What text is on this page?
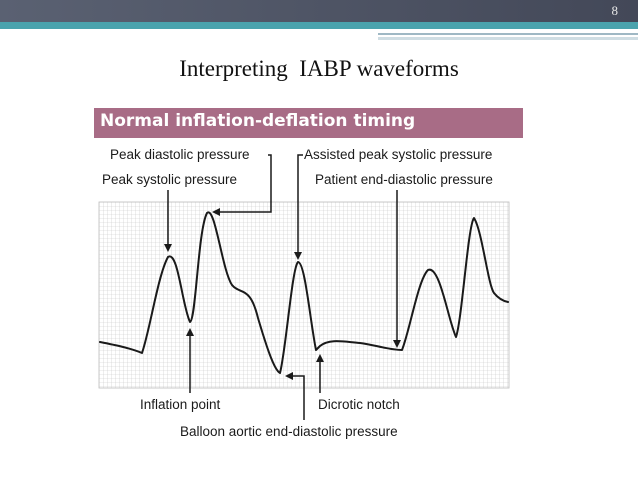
8
Interpreting  IABP waveforms
Normal inflation-deflation timing
Peak diastolic pressure
Peak systolic pressure
Assisted peak systolic pressure
Patient end-diastolic pressure
Inflation point	Dicrotic notch
Balloon aortic end-diastolic pressure
